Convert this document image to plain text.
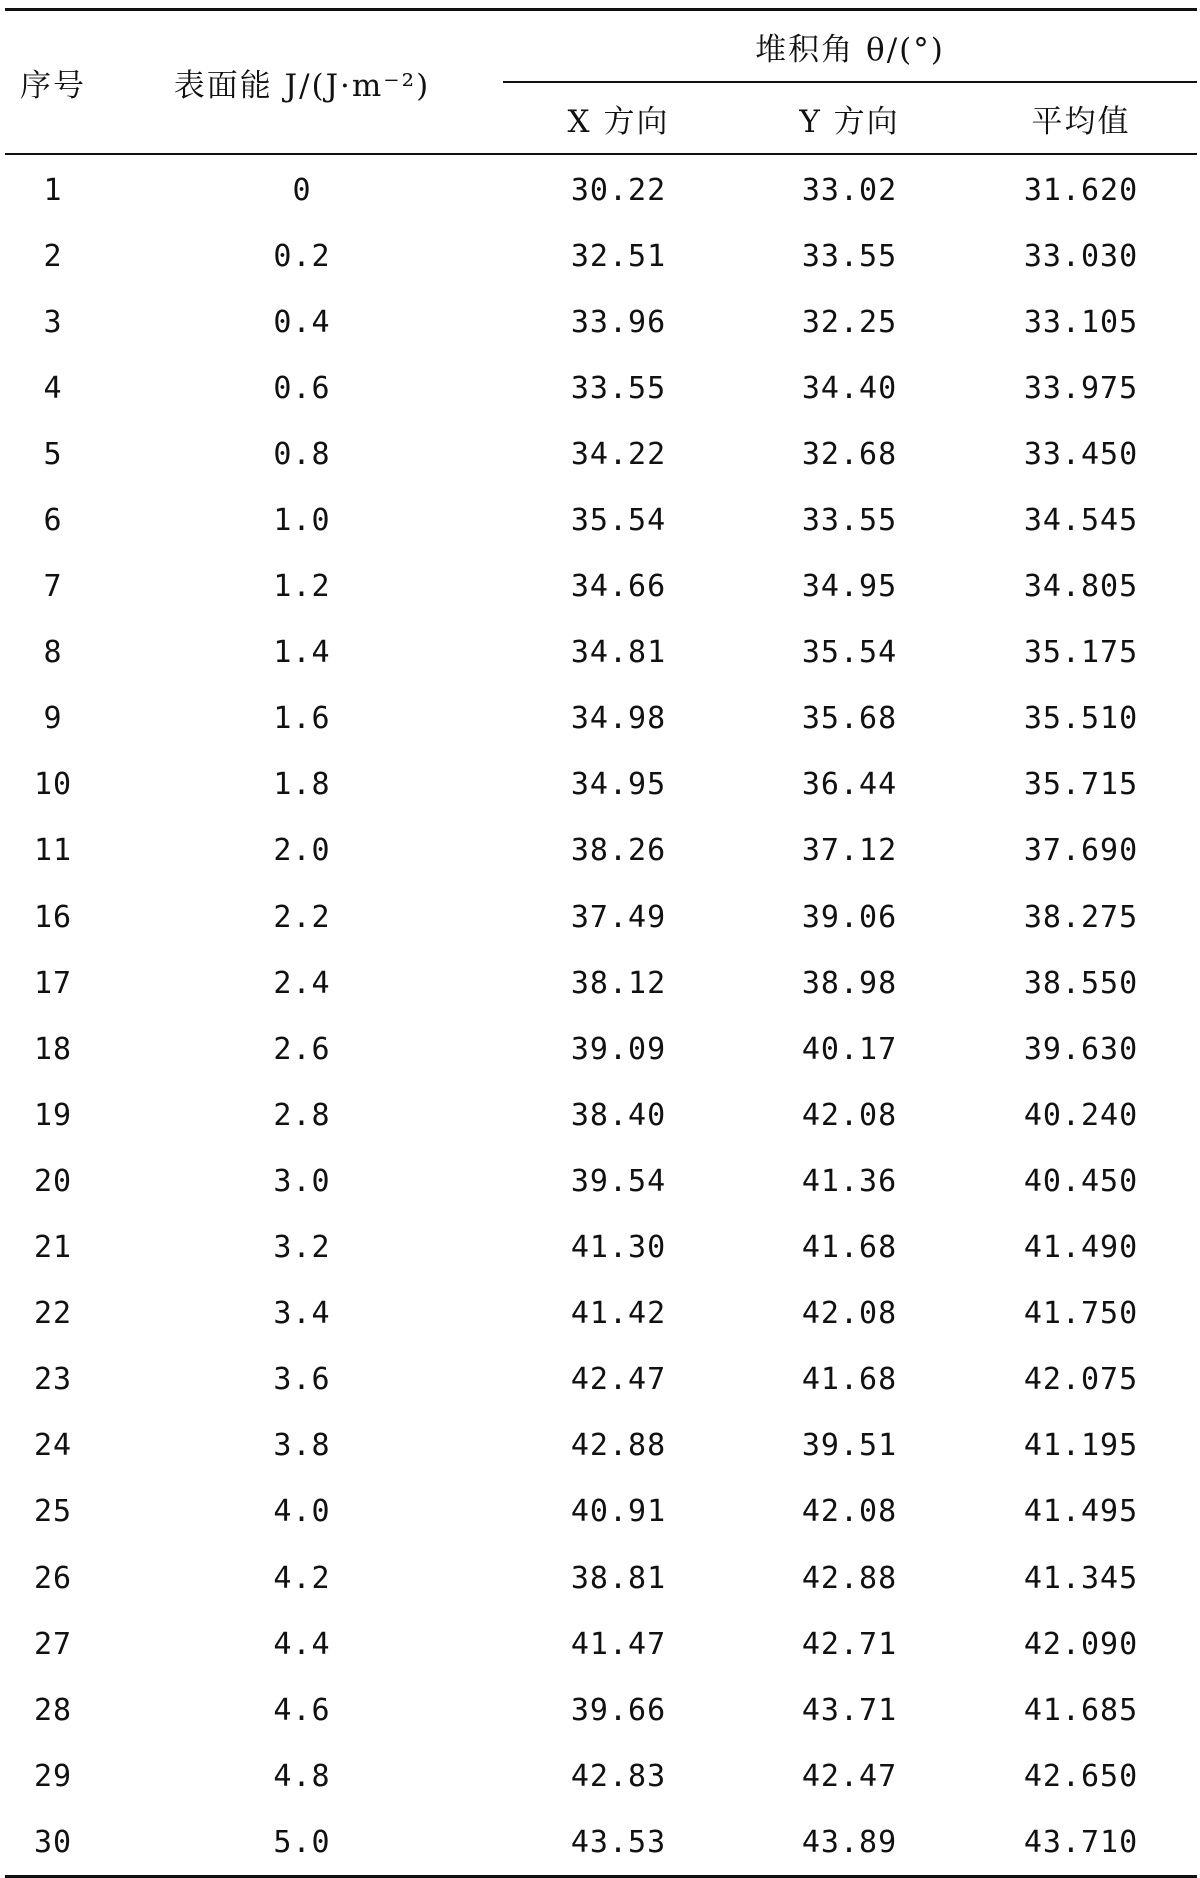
序号	表面能 J/(J·m⁻²)	堆积角 θ/(°)		
		X 方向	Y 方向	平均值
1	0	30.22	33.02	31.620
2	0.2	32.51	33.55	33.030
3	0.4	33.96	32.25	33.105
4	0.6	33.55	34.40	33.975
5	0.8	34.22	32.68	33.450
6	1.0	35.54	33.55	34.545
7	1.2	34.66	34.95	34.805
8	1.4	34.81	35.54	35.175
9	1.6	34.98	35.68	35.510
10	1.8	34.95	36.44	35.715
11	2.0	38.26	37.12	37.690
16	2.2	37.49	39.06	38.275
17	2.4	38.12	38.98	38.550
18	2.6	39.09	40.17	39.630
19	2.8	38.40	42.08	40.240
20	3.0	39.54	41.36	40.450
21	3.2	41.30	41.68	41.490
22	3.4	41.42	42.08	41.750
23	3.6	42.47	41.68	42.075
24	3.8	42.88	39.51	41.195
25	4.0	40.91	42.08	41.495
26	4.2	38.81	42.88	41.345
27	4.4	41.47	42.71	42.090
28	4.6	39.66	43.71	41.685
29	4.8	42.83	42.47	42.650
30	5.0	43.53	43.89	43.710
